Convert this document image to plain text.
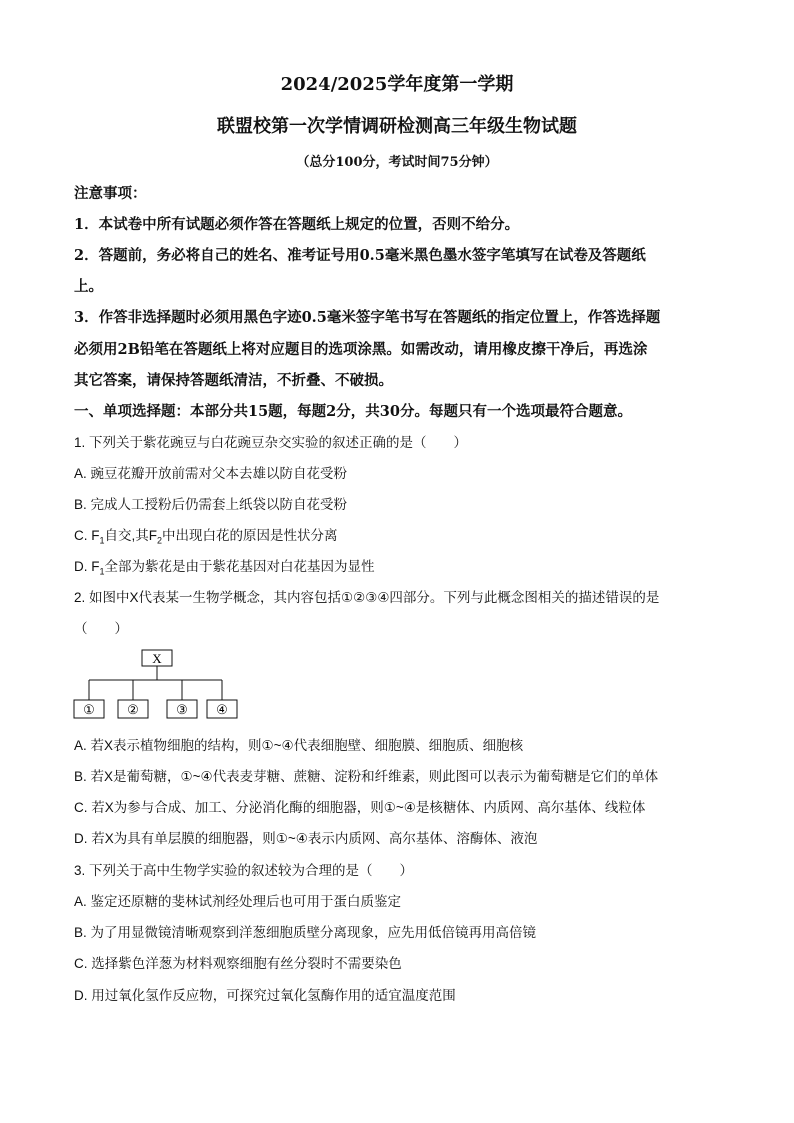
2024/2025学年度第一学期
联盟校第一次学情调研检测高三年级生物试题
（总分100分，考试时间75分钟）
注意事项：
1．本试卷中所有试题必须作答在答题纸上规定的位置，否则不给分。
2．答题前，务必将自己的姓名、准考证号用0.5毫米黑色墨水签字笔填写在试卷及答题纸
上。
3．作答非选择题时必须用黑色字迹0.5毫米签字笔书写在答题纸的指定位置上，作答选择题
必须用2B铅笔在答题纸上将对应题目的选项涂黑。如需改动，请用橡皮擦干净后，再选涂
其它答案，请保持答题纸清洁，不折叠、不破损。
一、单项选择题：本部分共15题，每题2分，共30分。每题只有一个选项最符合题意。
1. 下列关于紫花豌豆与白花豌豆杂交实验的叙述正确的是（　　）
A. 豌豆花瓣开放前需对父本去雄以防自花受粉
B. 完成人工授粉后仍需套上纸袋以防自花受粉
C. $F_1$自交,其$F_2$中出现白花的原因是性状分离
D. $F_1$全部为紫花是由于紫花基因对白花基因为显性
2. 如图中X代表某一生物学概念，其内容包括①②③④四部分。下列与此概念图相关的描述错误的是
（　　）
X
① ②	③ ④
A. 若X表示植物细胞的结构，则①~④代表细胞壁、细胞膜、细胞质、细胞核
B. 若X是葡萄糖，①~④代表麦芽糖、蔗糖、淀粉和纤维素，则此图可以表示为葡萄糖是它们的单体
C. 若X为参与合成、加工、分泌消化酶的细胞器，则①~④是核糖体、内质网、高尔基体、线粒体
D. 若X为具有单层膜的细胞器，则①~④表示内质网、高尔基体、溶酶体、液泡
3. 下列关于高中生物学实验的叙述较为合理的是（　　）
A. 鉴定还原糖的斐林试剂经处理后也可用于蛋白质鉴定
B. 为了用显微镜清晰观察到洋葱细胞质壁分离现象，应先用低倍镜再用高倍镜
C. 选择紫色洋葱为材料观察细胞有丝分裂时不需要染色
D. 用过氧化氢作反应物，可探究过氧化氢酶作用的适宜温度范围
